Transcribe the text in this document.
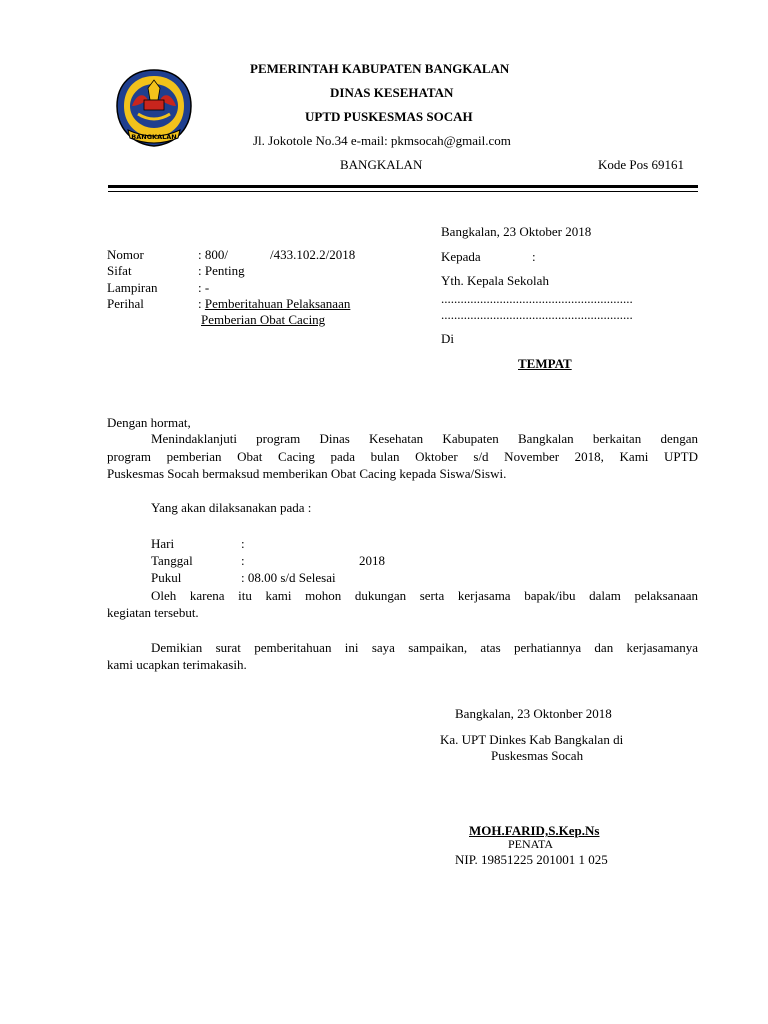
BANGKALAN
PEMERINTAH KABUPATEN BANGKALAN
DINAS KESEHATAN
UPTD PUSKESMAS SOCAH
Jl. Jokotole No.34 e-mail: pkmsocah@gmail.com
BANGKALAN	Kode Pos 69161
Bangkalan, 23 Oktober 2018
Nomor	: 800/	/433.102.2/2018
Sifat	: Penting
Lampiran	: -
Perihal	: Pemberitahuan Pelaksanaan
Pemberian Obat Cacing
Kepada	:
Yth. Kepala Sekolah
...........................................................
...........................................................
Di
TEMPAT
Dengan hormat,
Menindaklanjuti program Dinas Kesehatan Kabupaten Bangkalan berkaitan dengan
program pemberian Obat Cacing pada bulan Oktober s/d November 2018, Kami UPTD
Puskesmas Socah bermaksud memberikan Obat Cacing kepada Siswa/Siswi.
Yang akan dilaksanakan pada :
Hari	:
Tanggal	:	2018
Pukul	: 08.00 s/d Selesai
Oleh karena itu kami mohon dukungan serta kerjasama bapak/ibu dalam pelaksanaan
kegiatan tersebut.
Demikian surat pemberitahuan ini saya sampaikan, atas perhatiannya dan kerjasamanya
kami ucapkan terimakasih.
Bangkalan, 23 Oktonber 2018
Ka. UPT Dinkes Kab Bangkalan di
Puskesmas Socah
MOH.FARID,S.Kep.Ns
PENATA
NIP. 19851225 201001 1 025
